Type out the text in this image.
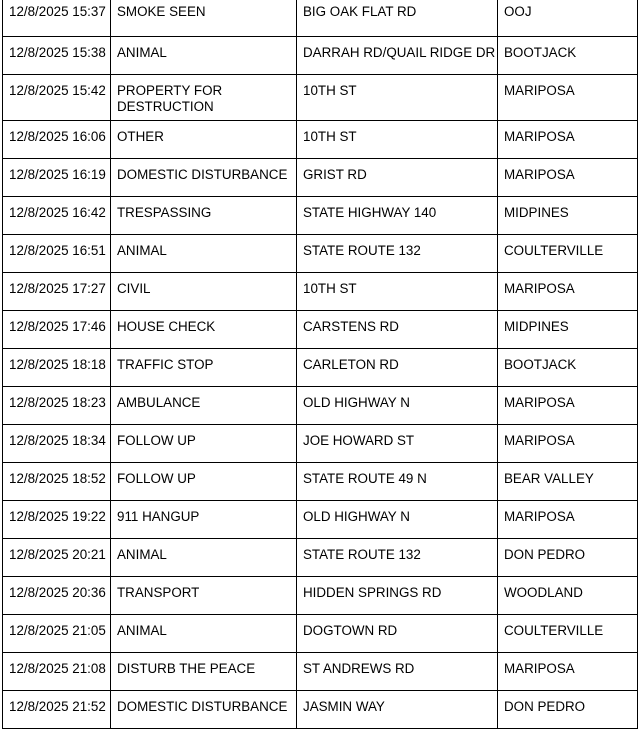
12/8/2025 15:37	SMOKE SEEN	BIG OAK FLAT RD	OOJ
12/8/2025 15:38	ANIMAL	DARRAH RD/QUAIL RIDGE DR	BOOTJACK
12/8/2025 15:42	PROPERTY FOR DESTRUCTION	10TH ST	MARIPOSA
12/8/2025 16:06	OTHER	10TH ST	MARIPOSA
12/8/2025 16:19	DOMESTIC DISTURBANCE	GRIST RD	MARIPOSA
12/8/2025 16:42	TRESPASSING	STATE HIGHWAY 140	MIDPINES
12/8/2025 16:51	ANIMAL	STATE ROUTE 132	COULTERVILLE
12/8/2025 17:27	CIVIL	10TH ST	MARIPOSA
12/8/2025 17:46	HOUSE CHECK	CARSTENS RD	MIDPINES
12/8/2025 18:18	TRAFFIC STOP	CARLETON RD	BOOTJACK
12/8/2025 18:23	AMBULANCE	OLD HIGHWAY N	MARIPOSA
12/8/2025 18:34	FOLLOW UP	JOE HOWARD ST	MARIPOSA
12/8/2025 18:52	FOLLOW UP	STATE ROUTE 49 N	BEAR VALLEY
12/8/2025 19:22	911 HANGUP	OLD HIGHWAY N	MARIPOSA
12/8/2025 20:21	ANIMAL	STATE ROUTE 132	DON PEDRO
12/8/2025 20:36	TRANSPORT	HIDDEN SPRINGS RD	WOODLAND
12/8/2025 21:05	ANIMAL	DOGTOWN RD	COULTERVILLE
12/8/2025 21:08	DISTURB THE PEACE	ST ANDREWS RD	MARIPOSA
12/8/2025 21:52	DOMESTIC DISTURBANCE	JASMIN WAY	DON PEDRO
